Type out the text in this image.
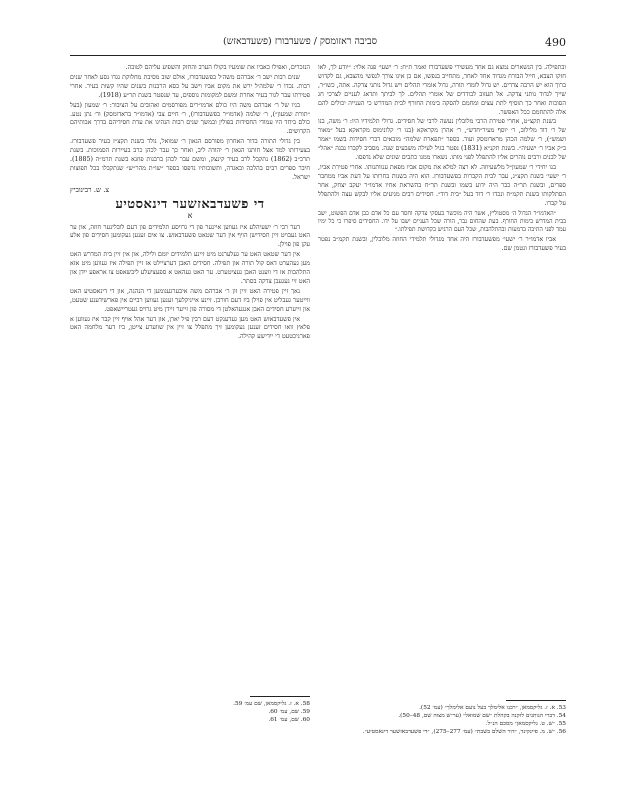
סביבה ראזומסק / פשעדבורז (פשעדבאזש)	490

ובתפילה. בין הנשארים נמצא גם אחד מעשירי פשעדבורז ואמר ת״ח: ר׳ ישעי׳ פנה אלוי: ״יודע לך, לאו חזקו הצבא, חייל הבורח מגדוד אחד לאחר, מתחייב בנפשו, אם כן אינו צורך לנפשי מהצבא, גם לקדוש ברוך הוא יש הרבה צדדים. יש גדול לומדי תורה, גדול אומרי תהלים ויש גדול נותני צדקה. אתה, כשו״ר, שייך לגדוד נותני צדקה. אל תעזוב לבודדים של אומרי תהלים. לך לביתך ותדאג לעניים לצרכי חג הסוכות ואחר כך תוסיף לתת עצים ומחמם להסקה בימות החורף לבית המדרש כי הענייה יכולים להם אלה להתחמם ככל האפשר.

בשנת תקצ״ט, אחרי פטירת הרבי מלובלין נעשה לרבי של חסידים. גדולי תלמידיו היו: ר׳ משה, בנו של ר׳ דוד מלילוב, ר׳ יוסף מעיר״חדש״, ר׳ אהרן מקראקא (בנו ר׳ קלונימוס מקראקא בעל ״מאור ושמש״), ר׳ שלמה הכהן מראדומסק ועוד. בספר ״תפארת שלמה״ מובאים דברי חסידות בשמו ״אמר ב״ק אביו ר׳ ישעיה״. בשנת תקנ״א (1831) נפטר בגיל לעילה משבעים שנה. מסביב לקברו נבנה ״אהל״ של לבנים ורבים נוהרים אליו להתפלל לפני מותו. נשארו ממנו כתבים שונים שלא נדפסו.

בנו יחידי ר׳ שמעון״ל מלשעיוזה. לא רצה למלא את מקום אביו מפאת ענוותנותו. אחרי פטירת אביו, ר׳ ישעי׳ בשנת תקצ״ג, עבר לבית הקברות בפשעדבורז. הוא היה בשנות בחרותו על דעת אביו ממחבר ספרים, ובשנת תר״ה כבר היה ידוע בשמו ובשנת תר״ח בהשראת אחיו אדמו״ר יעקב יצחק, אחר הסתלקותו בשנת תקמ״ח ונכדו ר׳ דוד בעל ״בית דוד״. חסידים רבים מגיעים אליו לבקש עצה ולהתפלל על קברו.

״האדמו״ר הגדול ה׳ מסטוליץ, אשר היה מוכשר בעסקי צדקה וחסד עם כל אדם כבן אדם הפשוט, ישב בבית המדרש בימות החורף. בעת שהחום גבר, הורה שכל העניים ישבו על ידו. החסידים סיפרו כי כל ימיו עמד לפני התיבה בדמעות ובהתלהבות, שכל העם הרגיש בקדושת תפילתו.״

אביו אדמו״ר ר׳ ישעי׳ מפשעדבורז היה אחד מגדולי תלמידי החוזה מלובלין, ובשנת תקמ״ב נפטר בעיר פשעדבורז ונטמן שם.

הנזכרים, ואפילו כאביו את שומעיו בקולו הערב והחזק והשפיע עליהם לטובה.

שנים רבות ישב ר׳ אברהם משה׳ל בפשעדבורז, אולם שוב מסיבת מחלוקת נגדו נסע לאחר שנים רבות. נכדו ר׳ שלמה׳ל ירש את מקום אביו וישב על כסא הרבנות בשנים שהיו קשות בעיר. אחרי פטירתו עבר לגור בעיר אחרת ומשם למקומות נוספים, עד שנפטר בשנת תר״ע (1918).

בניו של ר׳ אברהם משה היו כולם אדמו״רים מפורסמים ואהובים על הציבור: ר׳ שמעון (בעל ״תורת שמעון״), ר׳ שלמה (אדמו״ר בפשעדבורז), ר׳ חיים צבי (אדמו״ר בראדומסק) ור׳ נתן נטע. כולם ביחד היו עמודי החסידות בפולין ובמשך שנים רבות הנהיגו את עדת חסידיהם בדרך אבותיהם הקדושים.

בין גדולי התורה בדור האחרון מפורסם הגאון ר׳ שמואל, נולד בשנת תקצ״ז בעיר פשעדבורז. בצעירותו למד אצל חותנו הגאון ר׳ יהודה ליב, ואחר כך עבר לכהן כרב בעיירות הסמוכות. בשנת תרכ״ב (1862) נתקבל לרב בעיר קינצק, ומשם עבר לכהן ברבנות פוזנא בשנת תרמ״ה (1885). חיבר ספרים רבים בהלכה ובאגדה, ותשובותיו נדפסו בספר ״שו״ת מהר״ש״ שנתקבלו בכל תפוצות ישראל.

צ. ש. רבינוביץ
די פשעדבאזשער דינאסטיע
א

דער רבי ר׳ ישעיהלע איז געווען איינער פון די גרויסע תלמידים פון דעם לובלינער חוזה, און ער האט געבויט זיין חסידישן הויף אין דער שטאט פשעדבאזש. צו אים זענען געקומען חסידים פון אלע עקן פון פוילן.

אין דער שטאט האט ער געלערנט מיט זיינע תלמידים יומם ולילה, און אין זיין בית המדרש האט מען געהערט דאס קול תורה און תפילה. חסידים האבן דערציילט אז זיין תפילה איז געווען מיט אזא התלהבות אז די ווענט האבן געציטערט. ער האט געהאט א ספעציעלע ליבשאפט צו אראפע ייִדן און האט זיי געגעבן צדקה בסתר.

נאך זיין פטירה האט זיין זון ר׳ אברהם משה איבערגענומען די הנהגה, און די דינאסטיע האט ווייטער געבליט אין פוילן ביז דעם חורבן. זיינע אייניקלעך זענען געווען רביים אין פארשידענע שטעט, און זייערע חסידים האבן אנגעהאלטן די מסורה פון זייער זיידן מיט גרויס געטריישאפט.

אין פשעדבאזש האט מען געדענקט דעם רבין פיל יארן, און דער אהל אויף זיין קבר איז געווען א פלאץ וואו חסידים זענען געקומען זיך מתפלל צו זיין אין שווערע צייטן, ביז דער מלחמה האט פארניכטעט די ייִדישע קהילה.

53. א. ז. גליקסמאן, ״רבנו אלימלך בעל נועם אלימלך״ (עמ׳ 52).
54. דברי הנותנים לזקנה בקהלת ״שם שמואל״ (ער״ש מצוה שם, 48–50).
55. ״ש. ט. גליקסמאן״ מסכם הנ״ל.
56. ״ש. מ. פיינקינד, ״דור השלם בשבת״ (עמ׳ 277–275), ״די פשעדבאזשער דינאסטיע״.
58. א. ז. גליקסמאן, שם עמ׳ 59.
59. שם, עמ׳ 60.
60. שם, עמ׳ 61.
